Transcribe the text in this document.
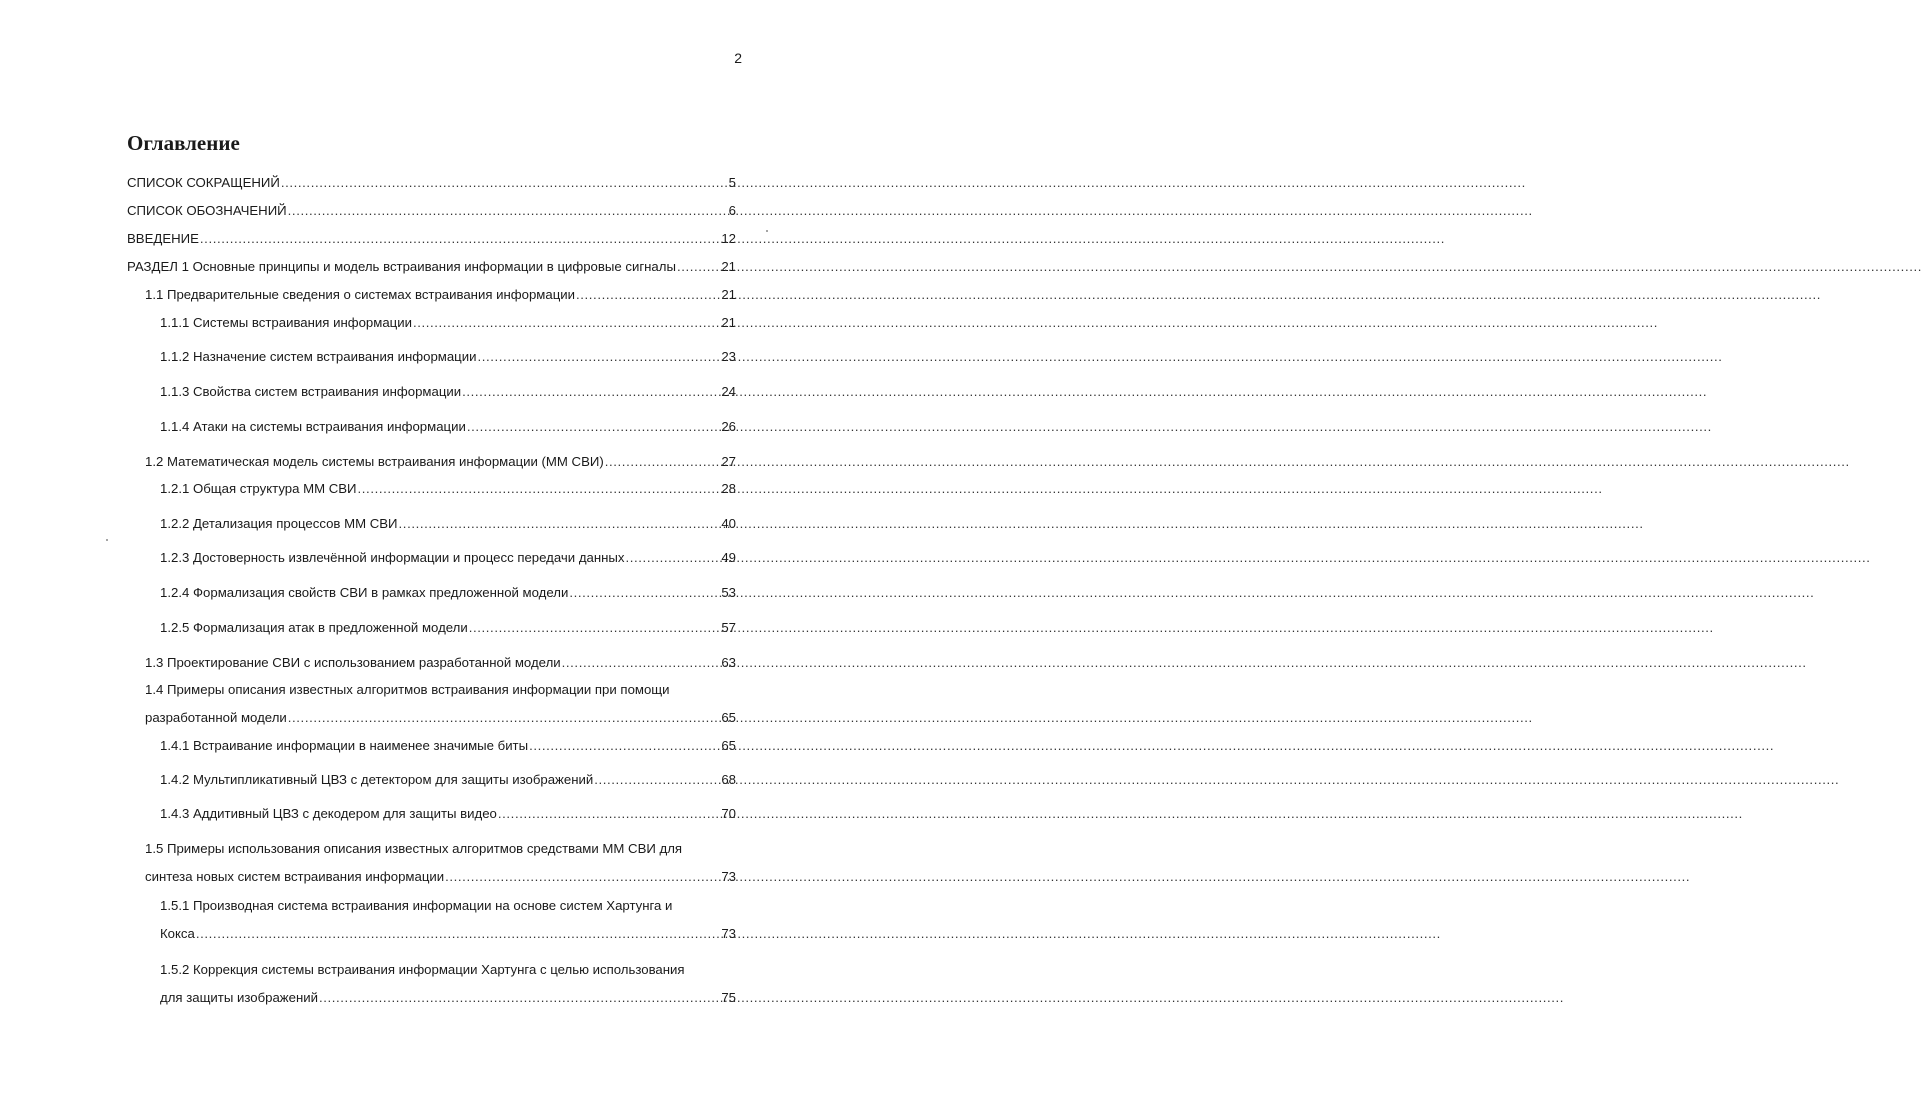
2
Оглавление
СПИСОК СОКРАЩЕНИЙ .....	5
СПИСОК ОБОЗНАЧЕНИЙ .....	6
ВВЕДЕНИЕ .....	12
РАЗДЕЛ 1 Основные принципы и модель встраивания информации в цифровые сигналы .....	21
1.1 Предварительные сведения о системах встраивания информации .....	21
1.1.1 Системы встраивания информации .....	21
1.1.2 Назначение систем встраивания информации .....	23
1.1.3 Свойства систем встраивания информации .....	24
1.1.4 Атаки на системы встраивания информации .....	26
1.2 Математическая модель системы встраивания информации (ММ СВИ) .....	27
1.2.1 Общая структура ММ СВИ .....	28
1.2.2 Детализация процессов ММ СВИ .....	40
1.2.3 Достоверность извлечённой информации и процесс передачи данных .....	49
1.2.4 Формализация свойств СВИ в рамках предложенной модели .....	53
1.2.5 Формализация атак в предложенной модели .....	57
1.3 Проектирование СВИ с использованием разработанной модели .....	63
1.4 Примеры описания известных алгоритмов встраивания информации при помощи
разработанной модели .....	65
1.4.1 Встраивание информации в наименее значимые биты .....	65
1.4.2 Мультипликативный ЦВЗ с детектором для защиты изображений .....	68
1.4.3 Аддитивный ЦВЗ с декодером для защиты видео .....	70
1.5 Примеры использования описания известных алгоритмов средствами ММ СВИ для
синтеза новых систем встраивания информации .....	73
1.5.1 Производная система встраивания информации на основе систем Хартунга и
Кокса .....	73
1.5.2 Коррекция системы встраивания информации Хартунга с целью использования
для защиты изображений .....	75
